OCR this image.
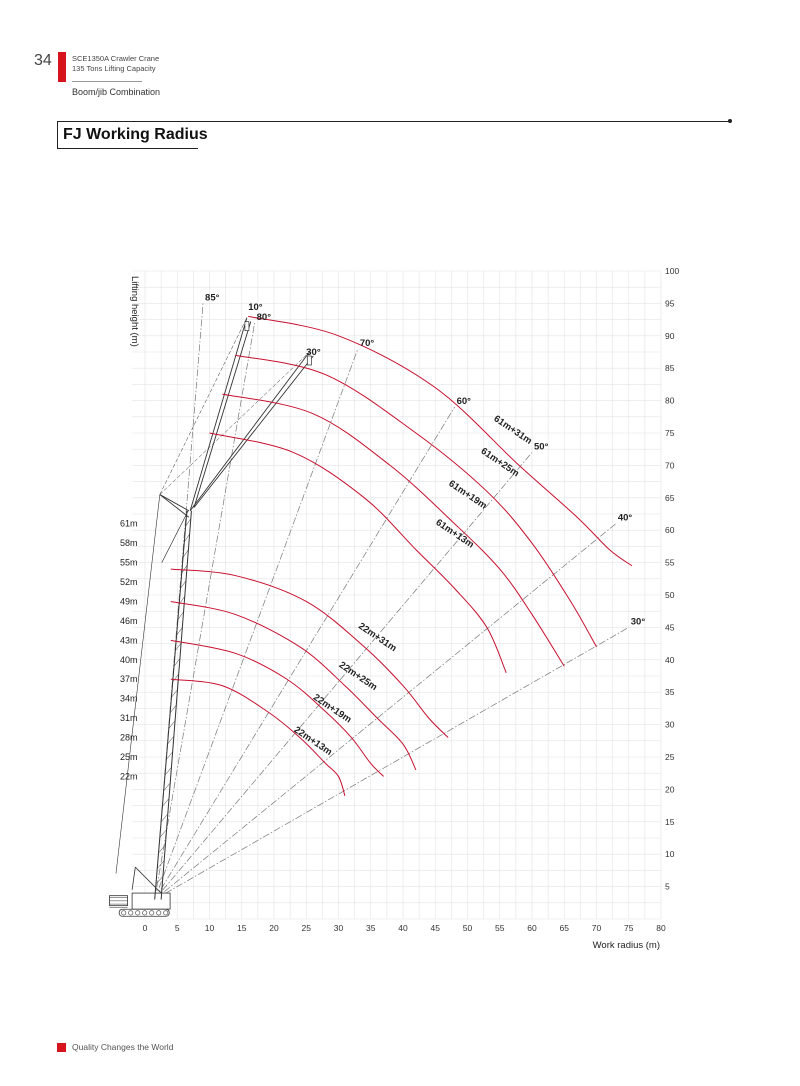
34	SCE1350A Crawler Crane
135 Tons Lifting Capacity
Boom/jib Combination
FJ Working Radius
61m
58m
55m
52m
49m
46m
43m
40m
37m
34m
31m
28m
25m
22m
85°
80°
70°
60°
50°
40°
30°
10°
30°
61m+31m
61m+25m
61m+19m
61m+13m
22m+31m
22m+25m
22m+19m
22m+13m
0	5	10	15	20	25	30	35	40	45	50	55	60	65	70	75	80
5
10
15
20
25
30
35
40
45
50
55
60
65
70
75
80
85
90
95
100
Work radius (m)
Lifting height (m)
Quality Changes the World
